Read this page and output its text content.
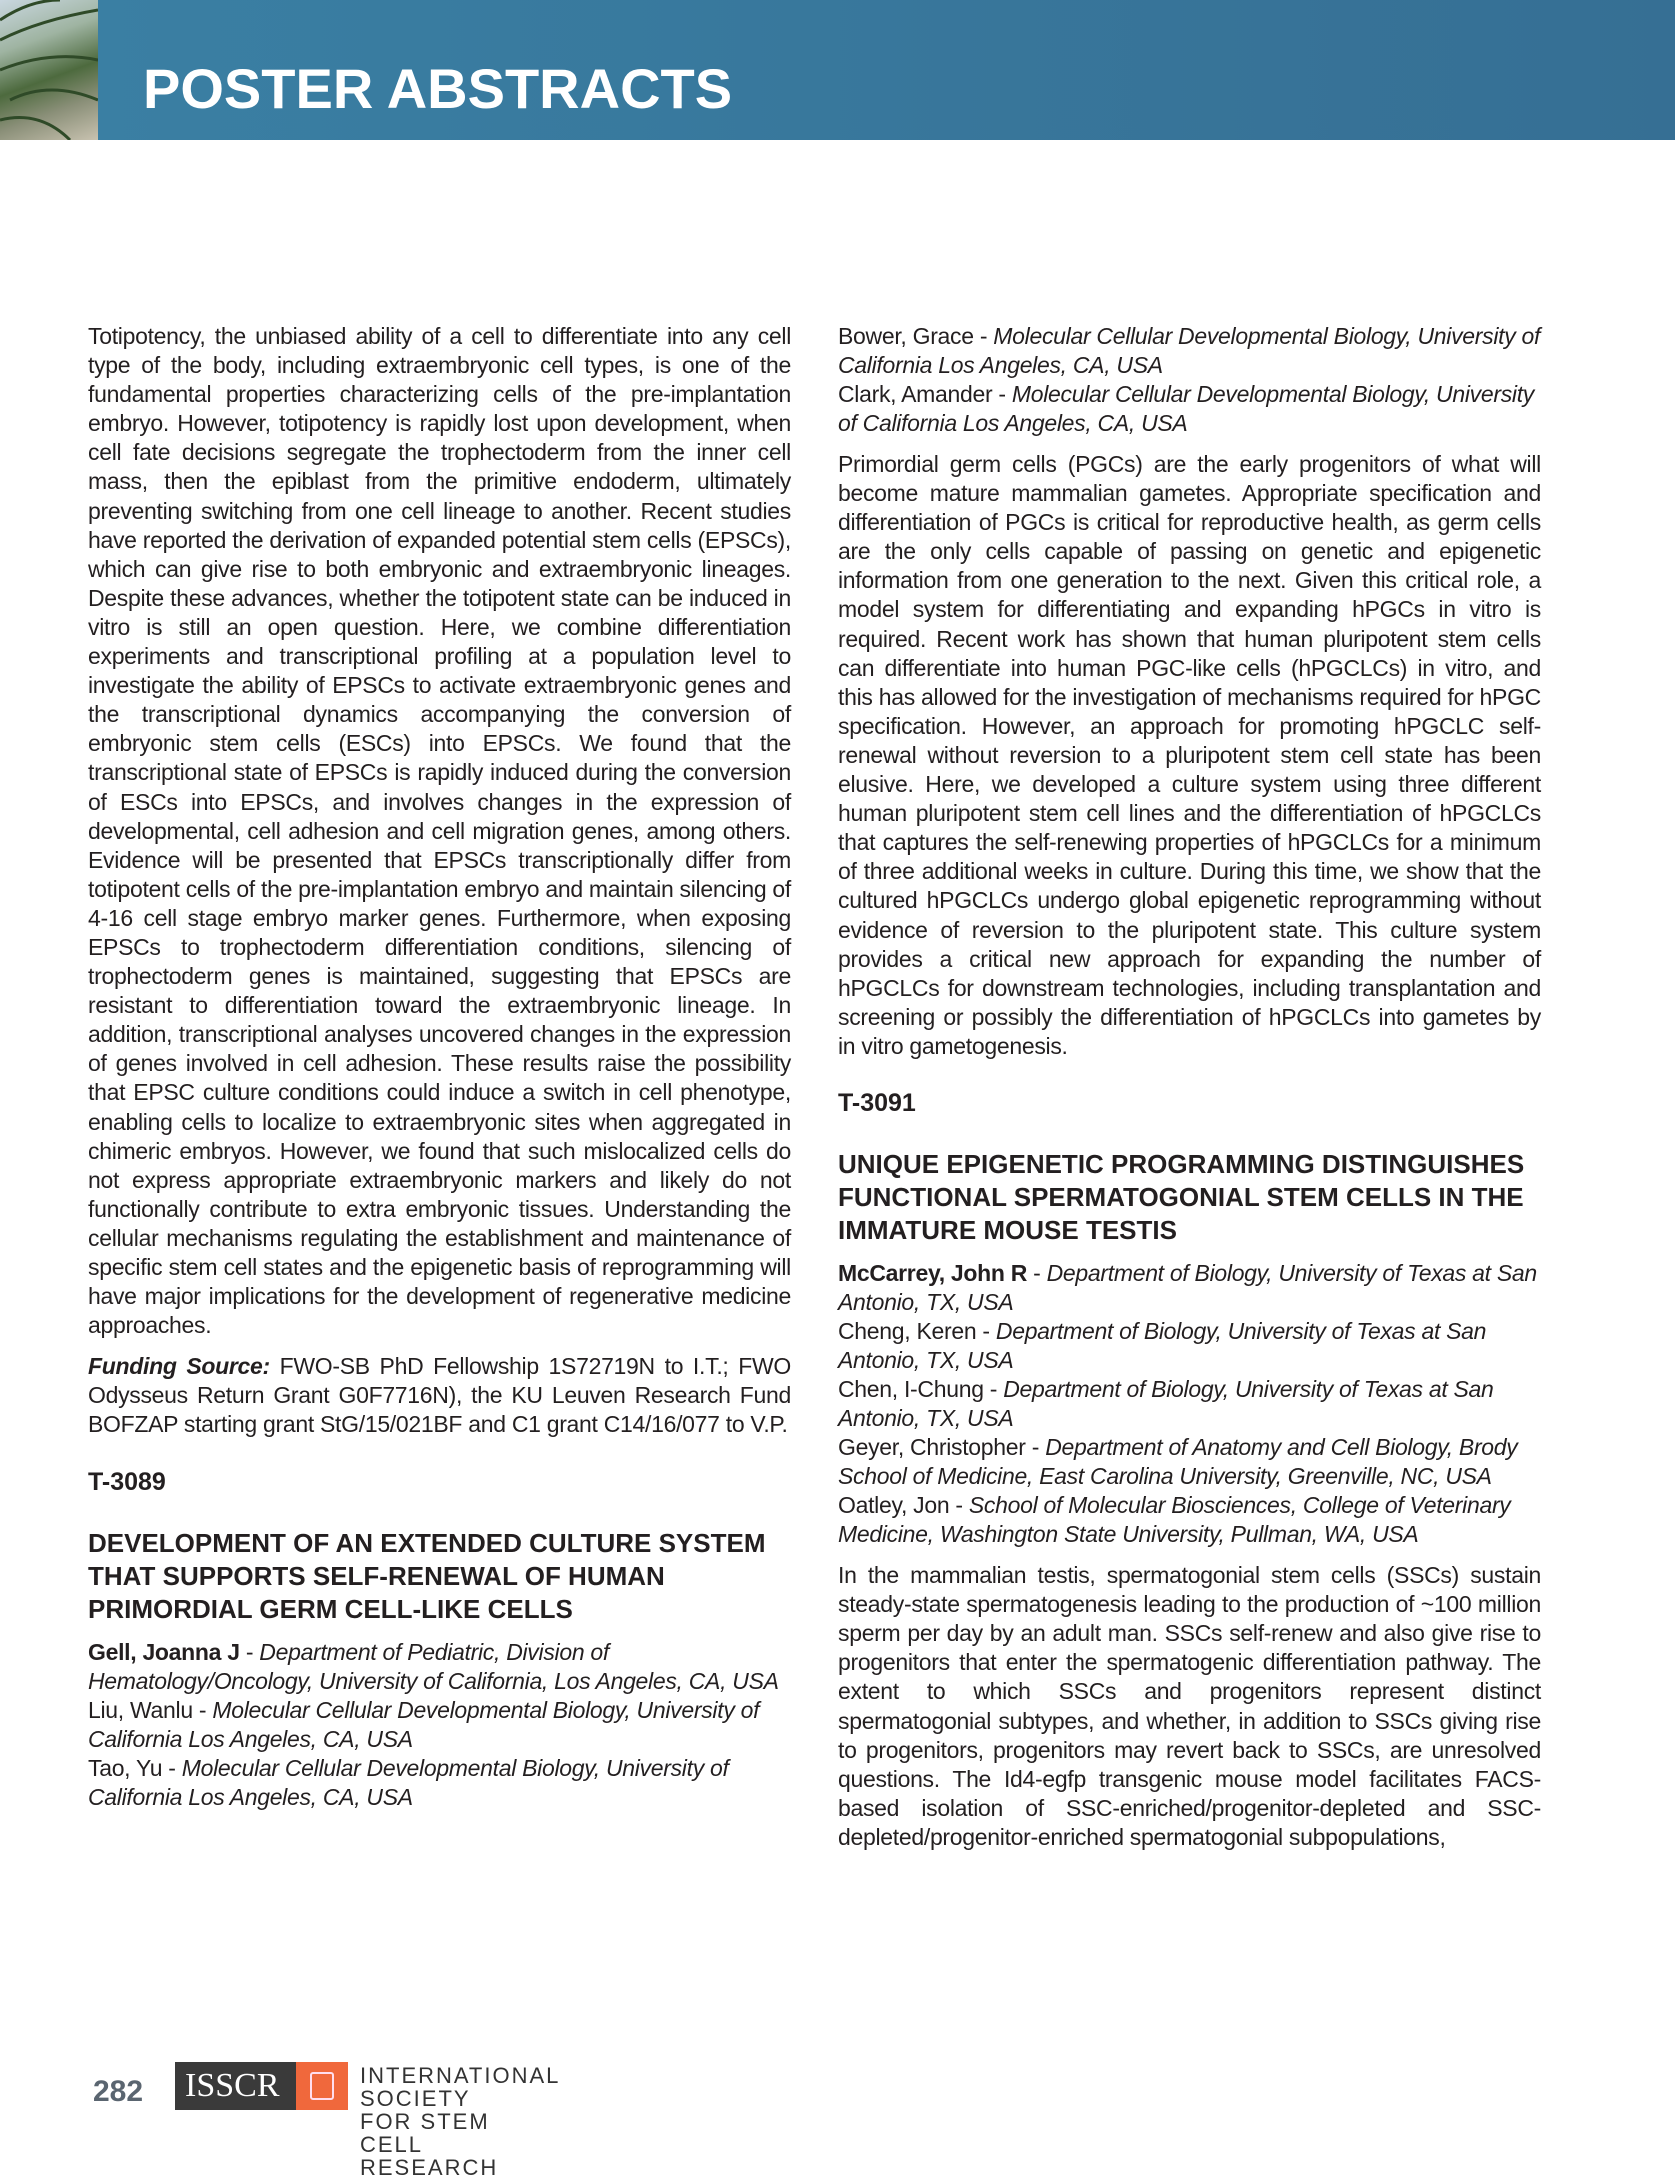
POSTER ABSTRACTS

Totipotency, the unbiased ability of a cell to differentiate into any cell type of the body, including extraembryonic cell types, is one of the fundamental properties characterizing cells of the pre-implantation embryo. However, totipotency is rapidly lost upon development, when cell fate decisions segregate the trophectoderm from the inner cell mass, then the epiblast from the primitive endoderm, ultimately preventing switching from one cell lineage to another. Recent studies have reported the derivation of expanded potential stem cells (EPSCs), which can give rise to both embryonic and extraembryonic lineages. Despite these advances, whether the totipotent state can be induced in vitro is still an open question. Here, we combine differentiation experiments and transcriptional profiling at a population level to investigate the ability of EPSCs to activate extraembryonic genes and the transcriptional dynamics accompanying the conversion of embryonic stem cells (ESCs) into EPSCs. We found that the transcriptional state of EPSCs is rapidly induced during the conversion of ESCs into EPSCs, and involves changes in the expression of developmental, cell adhesion and cell migration genes, among others. Evidence will be presented that EPSCs transcriptionally differ from totipotent cells of the pre-implantation embryo and maintain silencing of 4-16 cell stage embryo marker genes. Furthermore, when exposing EPSCs to trophectoderm differentiation conditions, silencing of trophectoderm genes is maintained, suggesting that EPSCs are resistant to differentiation toward the extraembryonic lineage. In addition, transcriptional analyses uncovered changes in the expression of genes involved in cell adhesion. These results raise the possibility that EPSC culture conditions could induce a switch in cell phenotype, enabling cells to localize to extraembryonic sites when aggregated in chimeric embryos. However, we found that such mislocalized cells do not express appropriate extraembryonic markers and likely do not functionally contribute to extra embryonic tissues. Understanding the cellular mechanisms regulating the establishment and maintenance of specific stem cell states and the epigenetic basis of reprogramming will have major implications for the development of regenerative medicine approaches.

Funding Source: FWO-SB PhD Fellowship 1S72719N to I.T.; FWO Odysseus Return Grant G0F7716N), the KU Leuven Research Fund BOFZAP starting grant StG/15/021BF and C1 grant C14/16/077 to V.P.

T-3089
DEVELOPMENT OF AN EXTENDED CULTURE SYSTEM THAT SUPPORTS SELF-RENEWAL OF HUMAN PRIMORDIAL GERM CELL-LIKE CELLS
Gell, Joanna J - Department of Pediatric, Division of Hematology/Oncology, University of California, Los Angeles, CA, USA
Liu, Wanlu - Molecular Cellular Developmental Biology, University of California Los Angeles, CA, USA
Tao, Yu - Molecular Cellular Developmental Biology, University of California Los Angeles, CA, USA
Bower, Grace - Molecular Cellular Developmental Biology, University of California Los Angeles, CA, USA
Clark, Amander - Molecular Cellular Developmental Biology, University of California Los Angeles, CA, USA

Primordial germ cells (PGCs) are the early progenitors of what will become mature mammalian gametes. Appropriate specification and differentiation of PGCs is critical for reproductive health, as germ cells are the only cells capable of passing on genetic and epigenetic information from one generation to the next. Given this critical role, a model system for differentiating and expanding hPGCs in vitro is required. Recent work has shown that human pluripotent stem cells can differentiate into human PGC-like cells (hPGCLCs) in vitro, and this has allowed for the investigation of mechanisms required for hPGC specification. However, an approach for promoting hPGCLC self-renewal without reversion to a pluripotent stem cell state has been elusive. Here, we developed a culture system using three different human pluripotent stem cell lines and the differentiation of hPGCLCs that captures the self-renewing properties of hPGCLCs for a minimum of three additional weeks in culture. During this time, we show that the cultured hPGCLCs undergo global epigenetic reprogramming without evidence of reversion to the pluripotent state. This culture system provides a critical new approach for expanding the number of hPGCLCs for downstream technologies, including transplantation and screening or possibly the differentiation of hPGCLCs into gametes by in vitro gametogenesis.

T-3091
UNIQUE EPIGENETIC PROGRAMMING DISTINGUISHES FUNCTIONAL SPERMATOGONIAL STEM CELLS IN THE IMMATURE MOUSE TESTIS
McCarrey, John R - Department of Biology, University of Texas at San Antonio, TX, USA
Cheng, Keren - Department of Biology, University of Texas at San Antonio, TX, USA
Chen, I-Chung - Department of Biology, University of Texas at San Antonio, TX, USA
Geyer, Christopher - Department of Anatomy and Cell Biology, Brody School of Medicine, East Carolina University, Greenville, NC, USA
Oatley, Jon - School of Molecular Biosciences, College of Veterinary Medicine, Washington State University, Pullman, WA, USA

In the mammalian testis, spermatogonial stem cells (SSCs) sustain steady-state spermatogenesis leading to the production of ~100 million sperm per day by an adult man. SSCs self-renew and also give rise to progenitors that enter the spermatogenic differentiation pathway. The extent to which SSCs and progenitors represent distinct spermatogonial subtypes, and whether, in addition to SSCs giving rise to progenitors, progenitors may revert back to SSCs, are unresolved questions. The Id4-egfp transgenic mouse model facilitates FACS-based isolation of SSC-enriched/progenitor-depleted and SSC-depleted/progenitor-enriched spermatogonial subpopulations,

282 ISSCR	INTERNATIONAL SOCIETY
FOR STEM CELL RESEARCH
